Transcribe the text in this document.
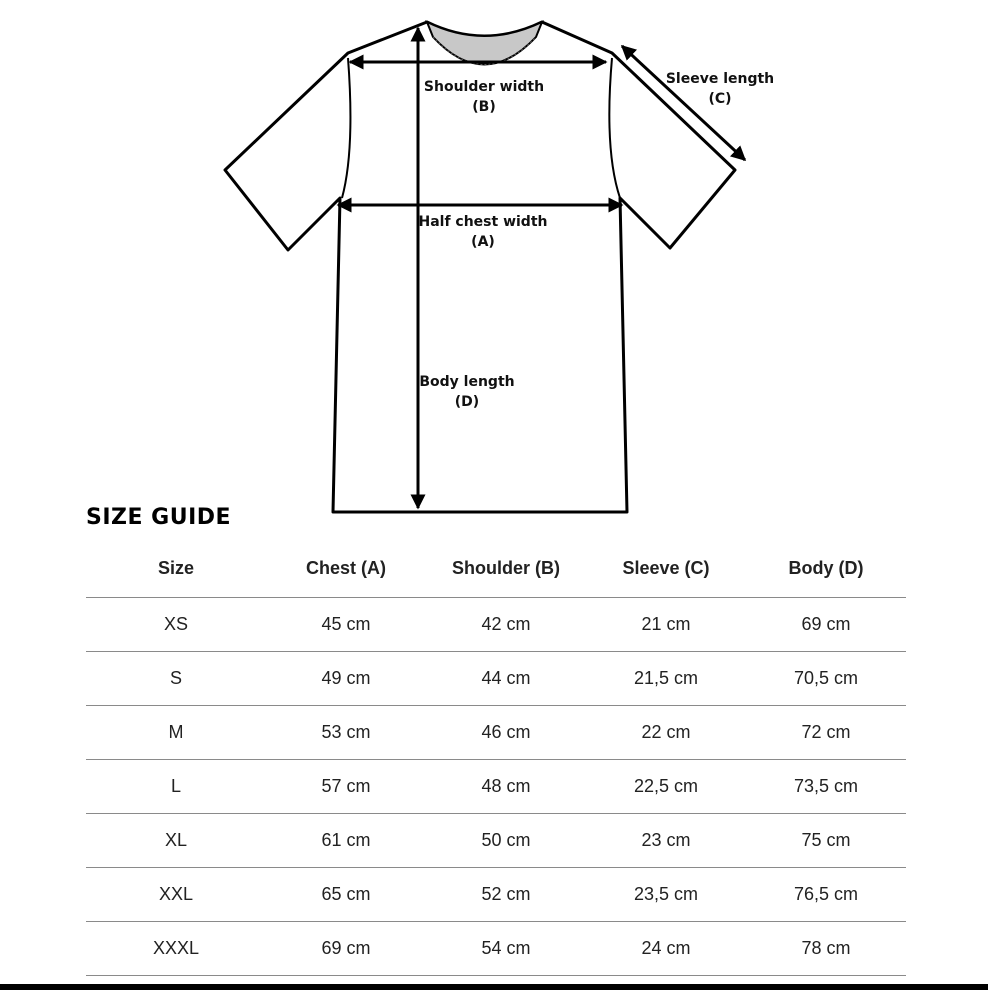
Shoulder width
(B)
Sleeve length
(C)
Half chest width
(A)
Body length
(D)
SIZE GUIDE
Size	Chest (A)	Shoulder (B)	Sleeve (C)	Body (D)
XS	45 cm	42 cm	21 cm	69 cm
S	49 cm	44 cm	21,5 cm	70,5 cm
M	53 cm	46 cm	22 cm	72 cm
L	57 cm	48 cm	22,5 cm	73,5 cm
XL	61 cm	50 cm	23 cm	75 cm
XXL	65 cm	52 cm	23,5 cm	76,5 cm
XXXL	69 cm	54 cm	24 cm	78 cm
